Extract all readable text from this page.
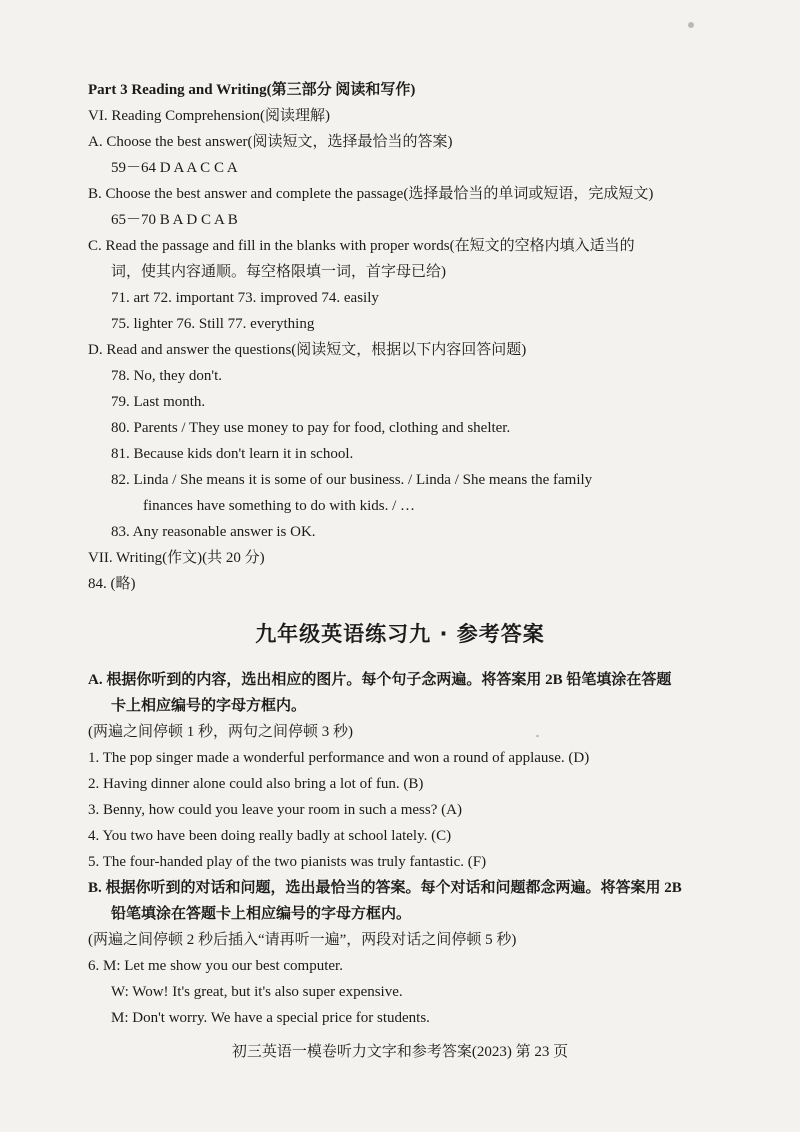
Part 3 Reading and Writing(第三部分 阅读和写作)
VI. Reading Comprehension(阅读理解)
A. Choose the best answer(阅读短文，选择最恰当的答案)
59－64 D A A C C A
B. Choose the best answer and complete the passage(选择最恰当的单词或短语，完成短文)
65－70 B A D C A B
C. Read the passage and fill in the blanks with proper words(在短文的空格内填入适当的
词，使其内容通顺。每空格限填一词，首字母已给)
71. art 72. important 73. improved 74. easily
75. lighter 76. Still 77. everything
D. Read and answer the questions(阅读短文，根据以下内容回答问题)
78. No, they don't.
79. Last month.
80. Parents / They use money to pay for food, clothing and shelter.
81. Because kids don't learn it in school.
82. Linda / She means it is some of our business. / Linda / She means the family
finances have something to do with kids. / …
83. Any reasonable answer is OK.
VII. Writing(作文)(共 20 分)
84. (略)
九年级英语练习九 · 参考答案
A. 根据你听到的内容，选出相应的图片。每个句子念两遍。将答案用 2B 铅笔填涂在答题
卡上相应编号的字母方框内。
(两遍之间停顿 1 秒，两句之间停顿 3 秒)
1. The pop singer made a wonderful performance and won a round of applause. (D)
2. Having dinner alone could also bring a lot of fun. (B)
3. Benny, how could you leave your room in such a mess? (A)
4. You two have been doing really badly at school lately. (C)
5. The four-handed play of the two pianists was truly fantastic. (F)
B. 根据你听到的对话和问题，选出最恰当的答案。每个对话和问题都念两遍。将答案用 2B
铅笔填涂在答题卡上相应编号的字母方框内。
(两遍之间停顿 2 秒后插入“请再听一遍”，两段对话之间停顿 5 秒)
6. M: Let me show you our best computer.
W: Wow! It's great, but it's also super expensive.
M: Don't worry. We have a special price for students.
初三英语一模卷听力文字和参考答案(2023) 第 23 页
